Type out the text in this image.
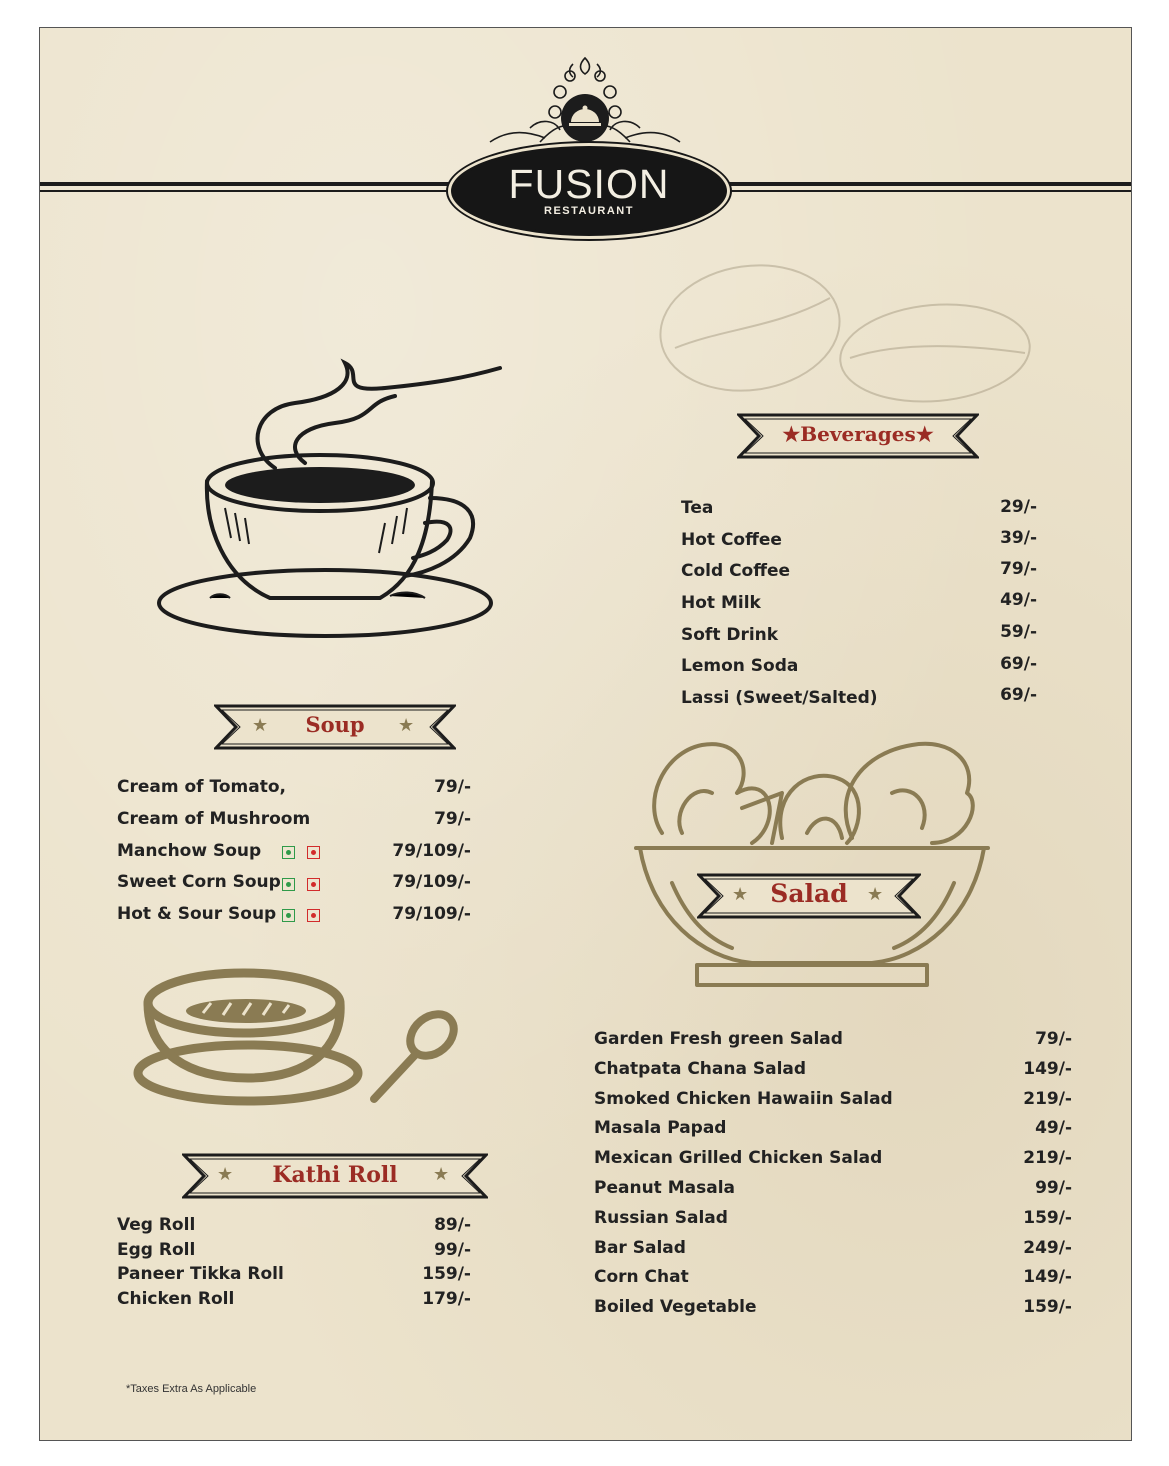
FUSION
RESTAURANT
★Beverages★
Tea	29/-
Hot Coffee	39/-
Cold Coffee	79/-
Hot Milk	49/-
Soft Drink	59/-
Lemon Soda	69/-
Lassi (Sweet/Salted)	69/-
★	★
Soup
Cream of Tomato,	79/-
Cream of Mushroom	79/-
Manchow Soup	79/109/-
Sweet Corn Soup	79/109/-
Hot & Sour Soup	79/109/-
★	★
Salad
Garden Fresh green Salad	79/-
Chatpata Chana Salad	149/-
Smoked Chicken Hawaiin Salad	219/-
Masala Papad	49/-
Mexican Grilled Chicken Salad	219/-
Peanut Masala	99/-
Russian Salad	159/-
Bar Salad	249/-
Corn Chat	149/-
Boiled Vegetable	159/-
★	★
Kathi Roll
Veg Roll	89/-
Egg Roll	99/-
Paneer Tikka Roll	159/-
Chicken Roll	179/-
*Taxes Extra As Applicable
